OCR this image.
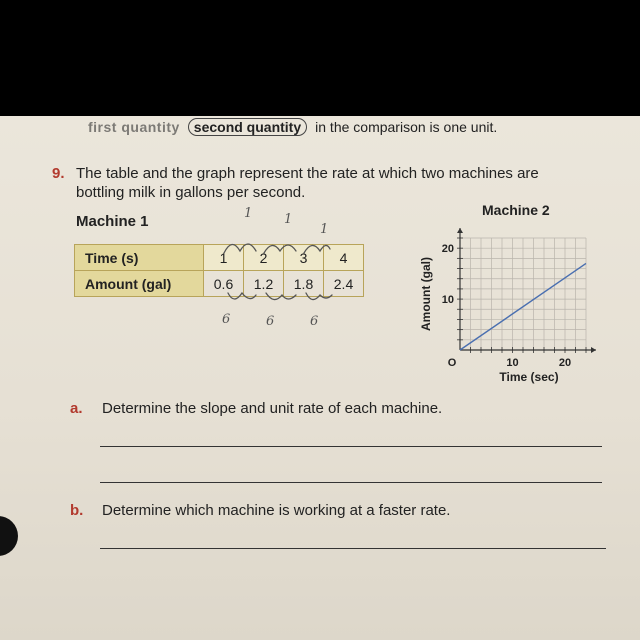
first quantity	second quantity	in the comparison is one unit.
9. The table and the graph represent the rate at which two machines are bottling milk in gallons per second.
Machine 1
Time (s)	1	2	3	4
Amount (gal)	0.6	1.2	1.8	2.4
1 1
1
6	6	6
Machine 2
O	10	20
10
20
Amount (gal)
Time (sec)
a. Determine the slope and unit rate of each machine.
b. Determine which machine is working at a faster rate.
